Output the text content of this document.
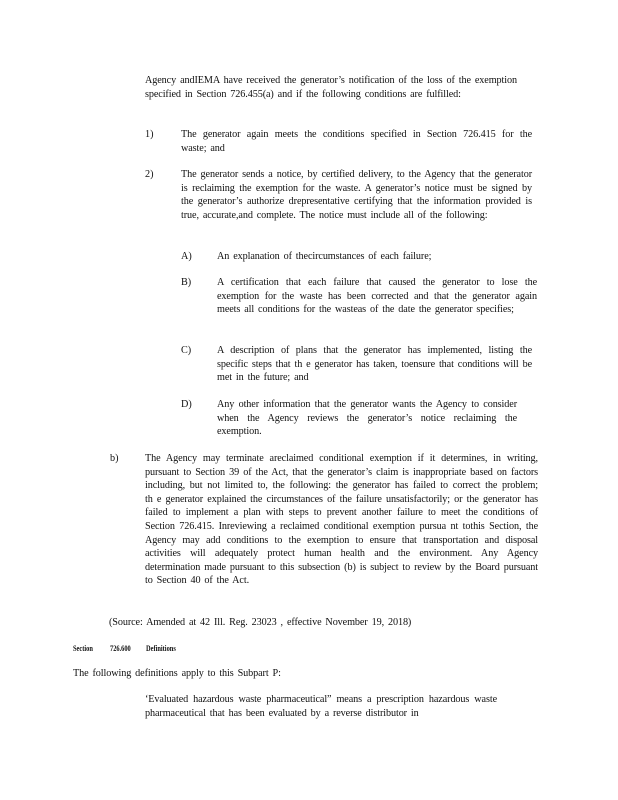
Agency andIEMA have received the generator’s notification of the loss of the exemption specified in Section 726.455(a) and if the following conditions are fulfilled:
1)	The generator again meets the conditions specified in Section 726.415 for the waste; and
2)	The generator sends a notice, by certified delivery, to the Agency that the generator is reclaiming the exemption for the waste. A generator’s notice must be signed by the generator’s authorize drepresentative certifying that the information provided is true, accurate,and complete. The notice must include all of the following:
A) An explanation of thecircumstances of each failure;
B)	A certification that each failure that caused the generator to lose the exemption for the waste has been corrected and that the generator again meets all conditions for the wasteas of the date the generator specifies;
C)	A description of plans that the generator has implemented, listing the specific steps that th e generator has taken, toensure that conditions will be met in the future; and
D) Any other information that the generator wants the Agency to consider when the Agency reviews the generator’s notice reclaiming the exemption.
b)	The Agency may terminate areclaimed conditional exemption if it determines, in writing, pursuant to Section 39 of the Act, that the generator’s claim is inappropriate based on factors including, but not limited to, the following: the generator has failed to correct the problem; th e generator explained the circumstances of the failure unsatisfactorily; or the generator has failed to implement a plan with steps to prevent another failure to meet the conditions of Section 726.415. Inreviewing a reclaimed conditional exemption pursua nt tothis Section, the Agency may add conditions to the exemption to ensure that transportation and disposal activities will adequately protect human health and the environment. Any Agency determination made pursuant to this subsection (b) is subject to review by the Board pursuant to Section 40 of the Act.
(Source: Amended at 42 Ill. Reg. 23023 , effective November 19, 2018)
Section 726.600 Definitions
The following definitions apply to this Subpart P:
‘Evaluated hazardous waste pharmaceutical” means a prescription hazardous waste pharmaceutical that has been evaluated by a reverse distributor in
